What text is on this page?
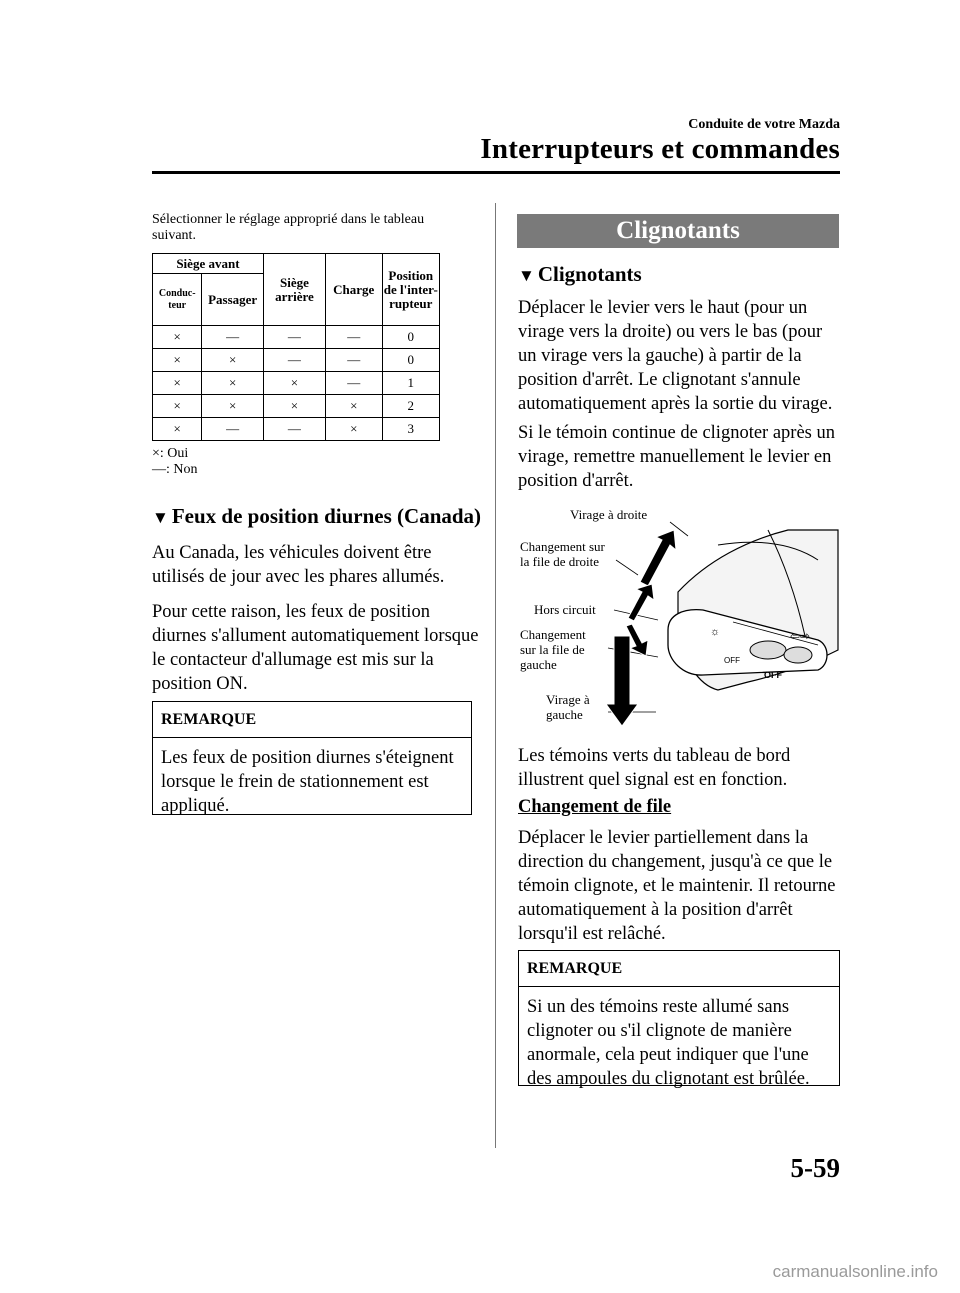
Conduite de votre Mazda
Interrupteurs et commandes
Sélectionner le réglage approprié dans le tableau suivant.
Siège avant		Siège arrière	Charge	Position de l'inter-rupteur
Conduc-teur	Passager			
×	—	—	—	0
×	×	—	—	0
×	×	×	—	1
×	×	×	×	2
×	—	—	×	3
×: Oui
—: Non
▼ Feux de position diurnes (Canada)
Au Canada, les véhicules doivent être utilisés de jour avec les phares allumés.
Pour cette raison, les feux de position diurnes s'allument automatiquement lorsque le contacteur d'allumage est mis sur la position ON.
REMARQUE
Les feux de position diurnes s'éteignent lorsque le frein de stationnement est appliqué.
Clignotants
▼ Clignotants
Déplacer le levier vers le haut (pour un virage vers la droite) ou vers le bas (pour un virage vers la gauche) à partir de la position d'arrêt. Le clignotant s'annule automatiquement après la sortie du virage.
Si le témoin continue de clignoter après un virage, remettre manuellement le levier en position d'arrêt.
Virage à droite
Changement sur
la file de droite
Hors circuit
Changement
sur la file de
gauche
Virage à
gauche
OFF
OFF
☼	⇦⇨
Les témoins verts du tableau de bord illustrent quel signal est en fonction.
Changement de file
Déplacer le levier partiellement dans la direction du changement, jusqu'à ce que le témoin clignote, et le maintenir. Il retourne automatiquement à la position d'arrêt lorsqu'il est relâché.
REMARQUE
Si un des témoins reste allumé sans clignoter ou s'il clignote de manière anormale, cela peut indiquer que l'une des ampoules du clignotant est brûlée.
5-59
carmanualsonline.info
